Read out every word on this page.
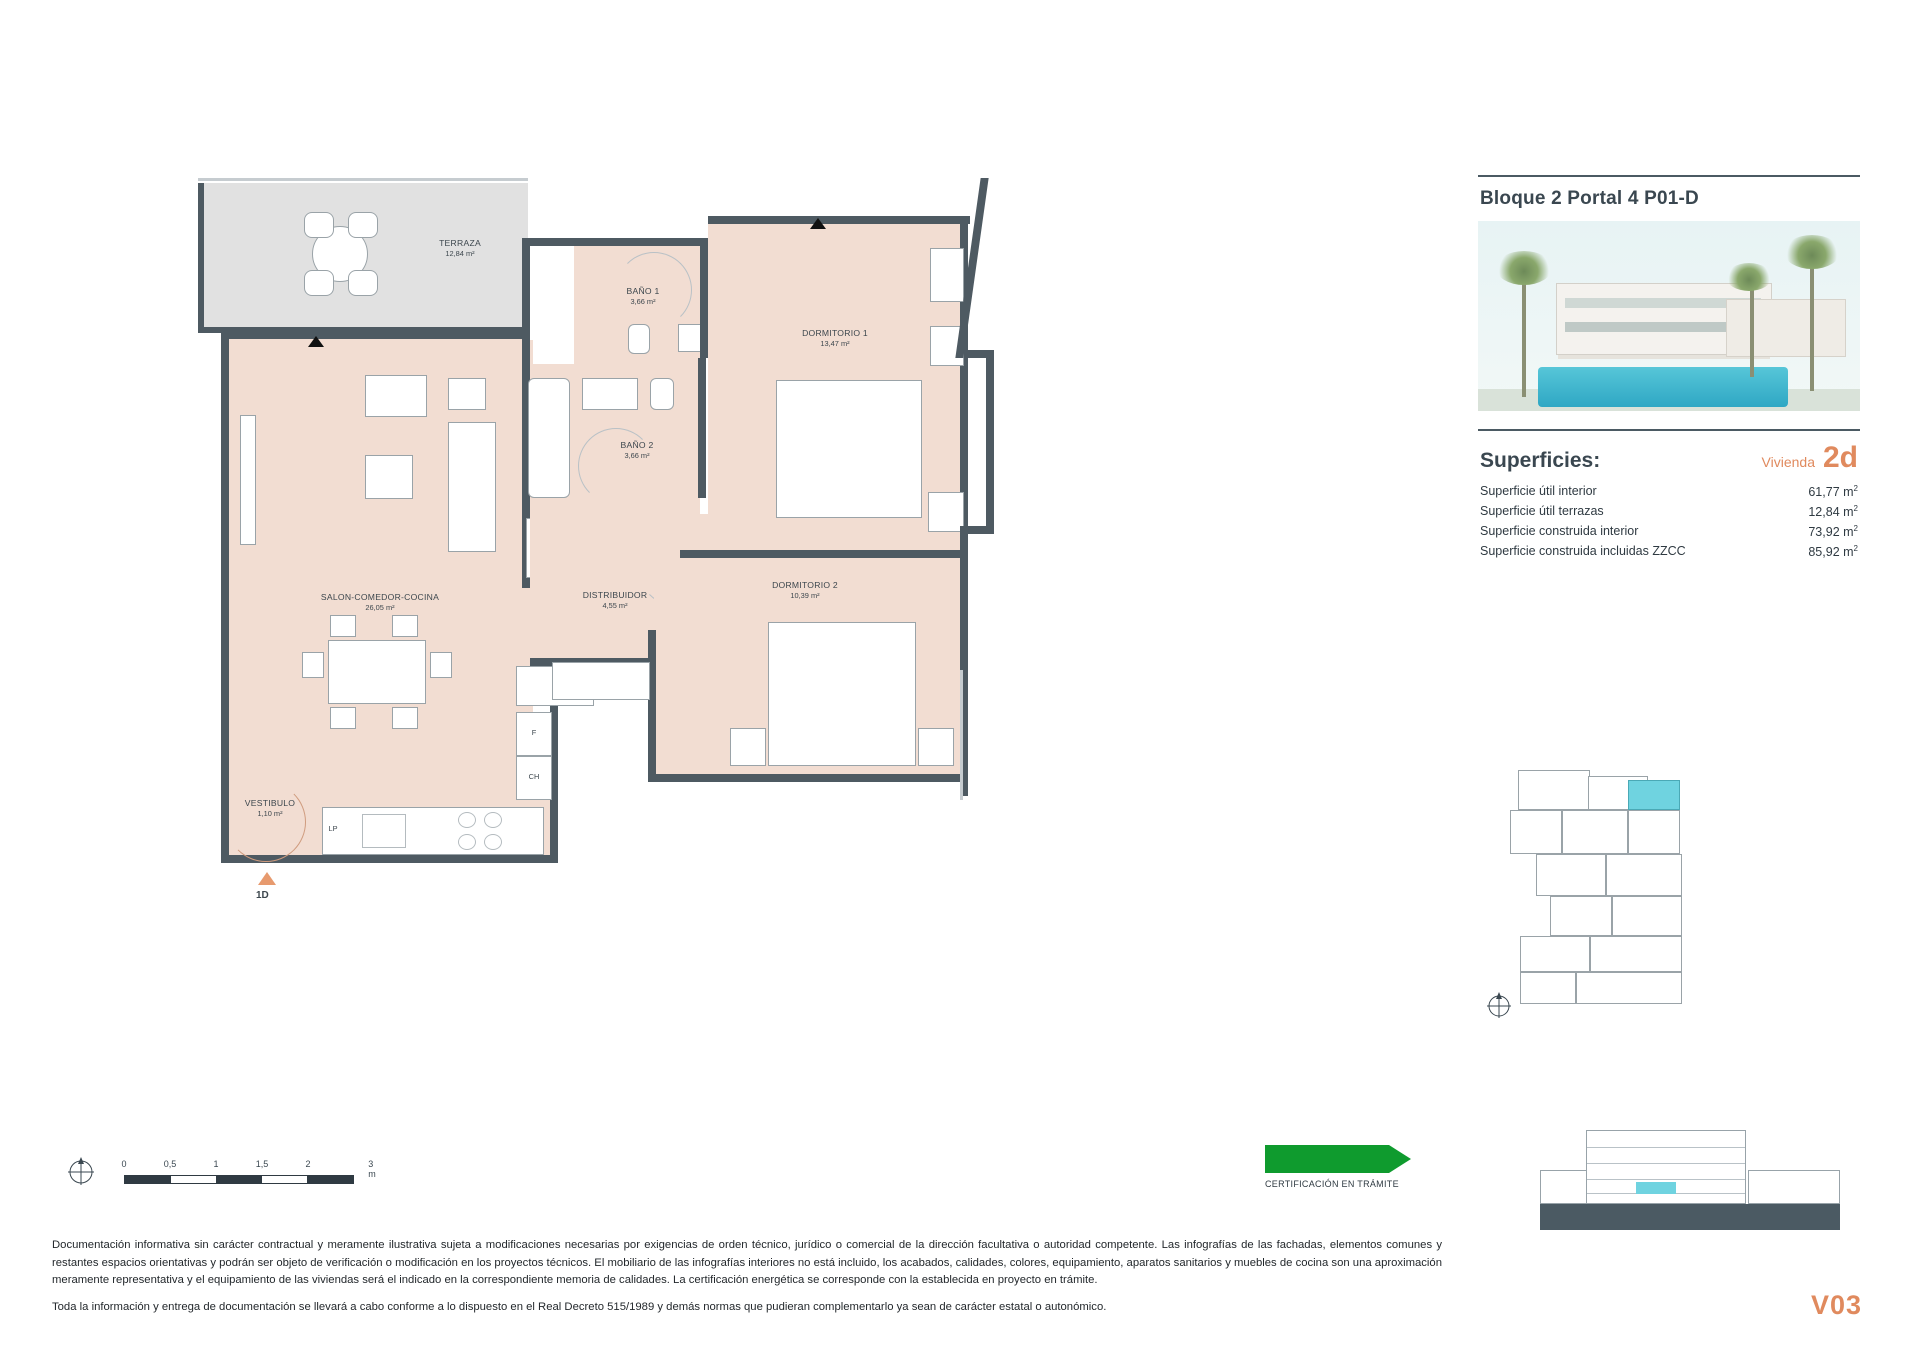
TERRAZA
12,84 m²
SALON-COMEDOR-COCINA
26,05 m²
LP
F
CH
VESTIBULO
1,10 m²
1D
BAÑO 1
3,66 m²
BAÑO 2
3,66 m²
DISTRIBUIDOR
4,55 m²
DORMITORIO 1
13,47 m²
DORMITORIO 2
10,39 m²
0	0,5	1	1,5	2	3 m
CERTIFICACIÓN EN TRÁMITE

Documentación informativa sin carácter contractual y meramente ilustrativa sujeta a modificaciones necesarias por exigencias de orden técnico, jurídico o comercial de la dirección facultativa o autoridad competente. Las infografías de las fachadas, elementos comunes y restantes espacios orientativas y podrán ser objeto de verificación o modificación en los proyectos técnicos. El mobiliario de las infografías interiores no está incluido, los acabados, calidades, colores, equipamiento, aparatos sanitarios y muebles de cocina son una aproximación meramente representativa y el equipamiento de las viviendas será el indicado en la correspondiente memoria de calidades. La certificación energética se corresponde con la establecida en proyecto en trámite.

Toda la información y entrega de documentación se llevará a cabo conforme a lo dispuesto en el Real Decreto 515/1989 y demás normas que pudieran complementarlo ya sean de carácter estatal o autonómico.

Bloque 2 Portal 4 P01-D
Superficies:	Vivienda 2d
Superficie útil interior	61,77 $m^2$
Superficie útil terrazas	12,84 $m^2$
Superficie construida interior	73,92 $m^2$
Superficie construida incluidas ZZCC	85,92 $m^2$
V03
